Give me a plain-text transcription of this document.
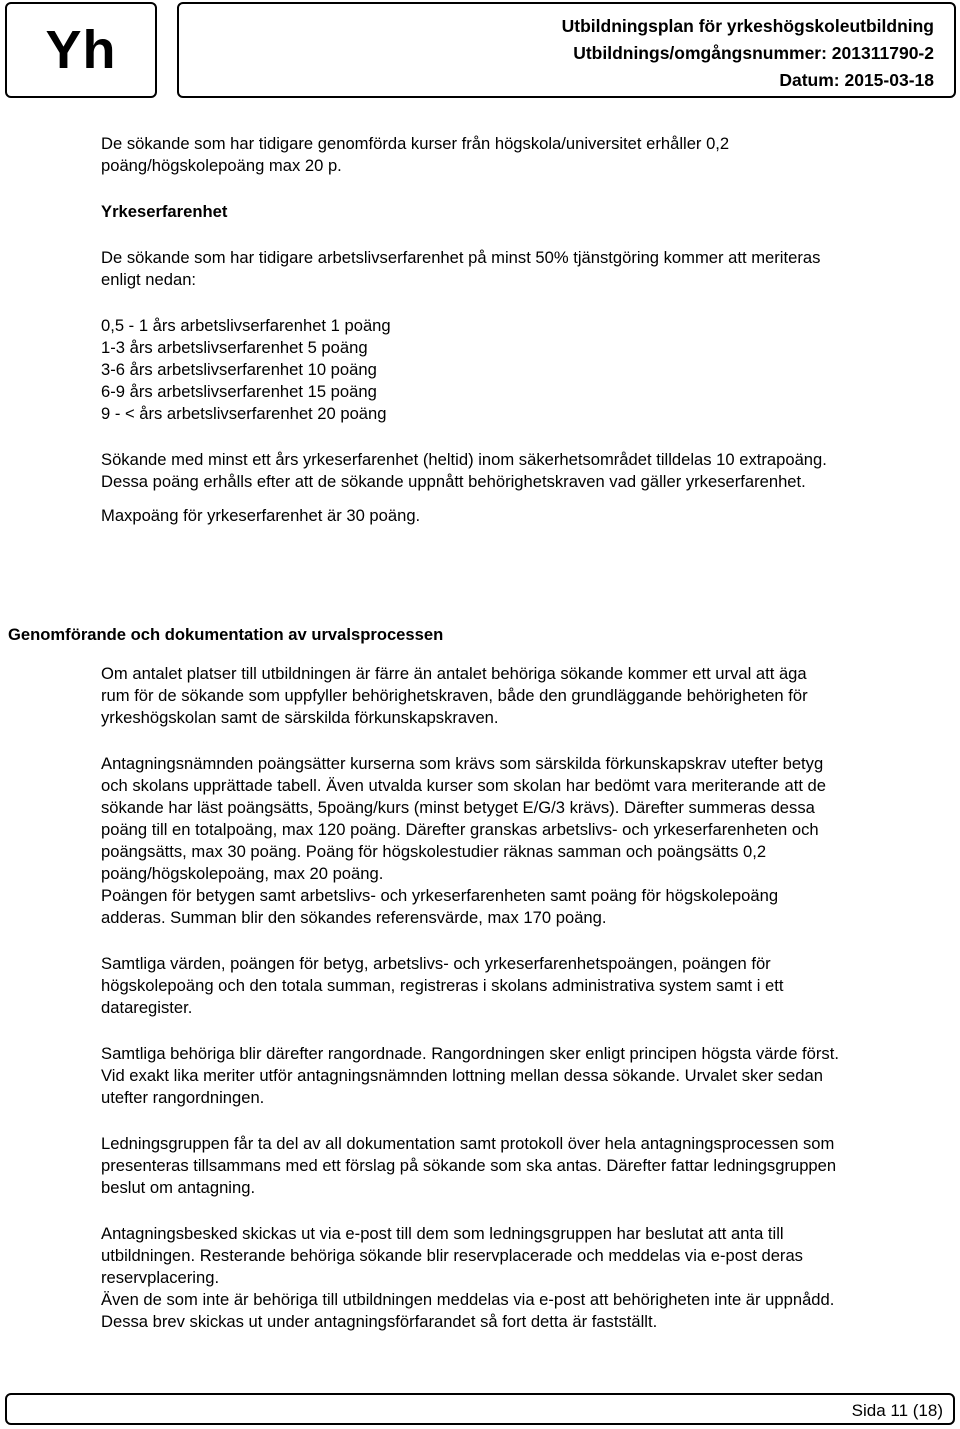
Yh	Utbildningsplan för yrkeshögskoleutbildning
Utbildnings/omgångsnummer: 201311790-2
Datum: 2015-03-18

De sökande som har tidigare genomförda kurser från högskola/universitet erhåller 0,2

poäng/högskolepoäng max 20 p.

Yrkeserfarenhet

De sökande som har tidigare arbetslivserfarenhet på minst 50% tjänstgöring kommer att meriteras

enligt nedan:

0,5 - 1 års arbetslivserfarenhet 1 poäng

1-3 års arbetslivserfarenhet 5 poäng

3-6 års arbetslivserfarenhet 10 poäng

6-9 års arbetslivserfarenhet 15 poäng

9 - < års arbetslivserfarenhet 20 poäng

Sökande med minst ett års yrkeserfarenhet (heltid) inom säkerhetsområdet tilldelas 10 extrapoäng.

Dessa poäng erhålls efter att de sökande uppnått behörighetskraven vad gäller yrkeserfarenhet.

Maxpoäng för yrkeserfarenhet är 30 poäng.

Genomförande och dokumentation av urvalsprocessen

Om antalet platser till utbildningen är färre än antalet behöriga sökande kommer ett urval att äga

rum för de sökande som uppfyller behörighetskraven, både den grundläggande behörigheten för

yrkeshögskolan samt de särskilda förkunskapskraven.

Antagningsnämnden poängsätter kurserna som krävs som särskilda förkunskapskrav utefter betyg

och skolans upprättade tabell. Även utvalda kurser som skolan har bedömt vara meriterande att de

sökande har läst poängsätts, 5poäng/kurs (minst betyget E/G/3 krävs). Därefter summeras dessa

poäng till en totalpoäng, max 120 poäng. Därefter granskas arbetslivs- och yrkeserfarenheten och

poängsätts, max 30 poäng. Poäng för högskolestudier räknas samman och poängsätts 0,2

poäng/högskolepoäng, max 20 poäng.

Poängen för betygen samt arbetslivs- och yrkeserfarenheten samt poäng för högskolepoäng

adderas. Summan blir den sökandes referensvärde, max 170 poäng.

Samtliga värden, poängen för betyg, arbetslivs- och yrkeserfarenhetspoängen, poängen för

högskolepoäng och den totala summan, registreras i skolans administrativa system samt i ett

dataregister.

Samtliga behöriga blir därefter rangordnade. Rangordningen sker enligt principen högsta värde först.

Vid exakt lika meriter utför antagningsnämnden lottning mellan dessa sökande. Urvalet sker sedan

utefter rangordningen.

Ledningsgruppen får ta del av all dokumentation samt protokoll över hela antagningsprocessen som

presenteras tillsammans med ett förslag på sökande som ska antas. Därefter fattar ledningsgruppen

beslut om antagning.

Antagningsbesked skickas ut via e-post till dem som ledningsgruppen har beslutat att anta till

utbildningen. Resterande behöriga sökande blir reservplacerade och meddelas via e-post deras

reservplacering.

Även de som inte är behöriga till utbildningen meddelas via e-post att behörigheten inte är uppnådd.

Dessa brev skickas ut under antagningsförfarandet så fort detta är fastställt.

Sida 11 (18)
